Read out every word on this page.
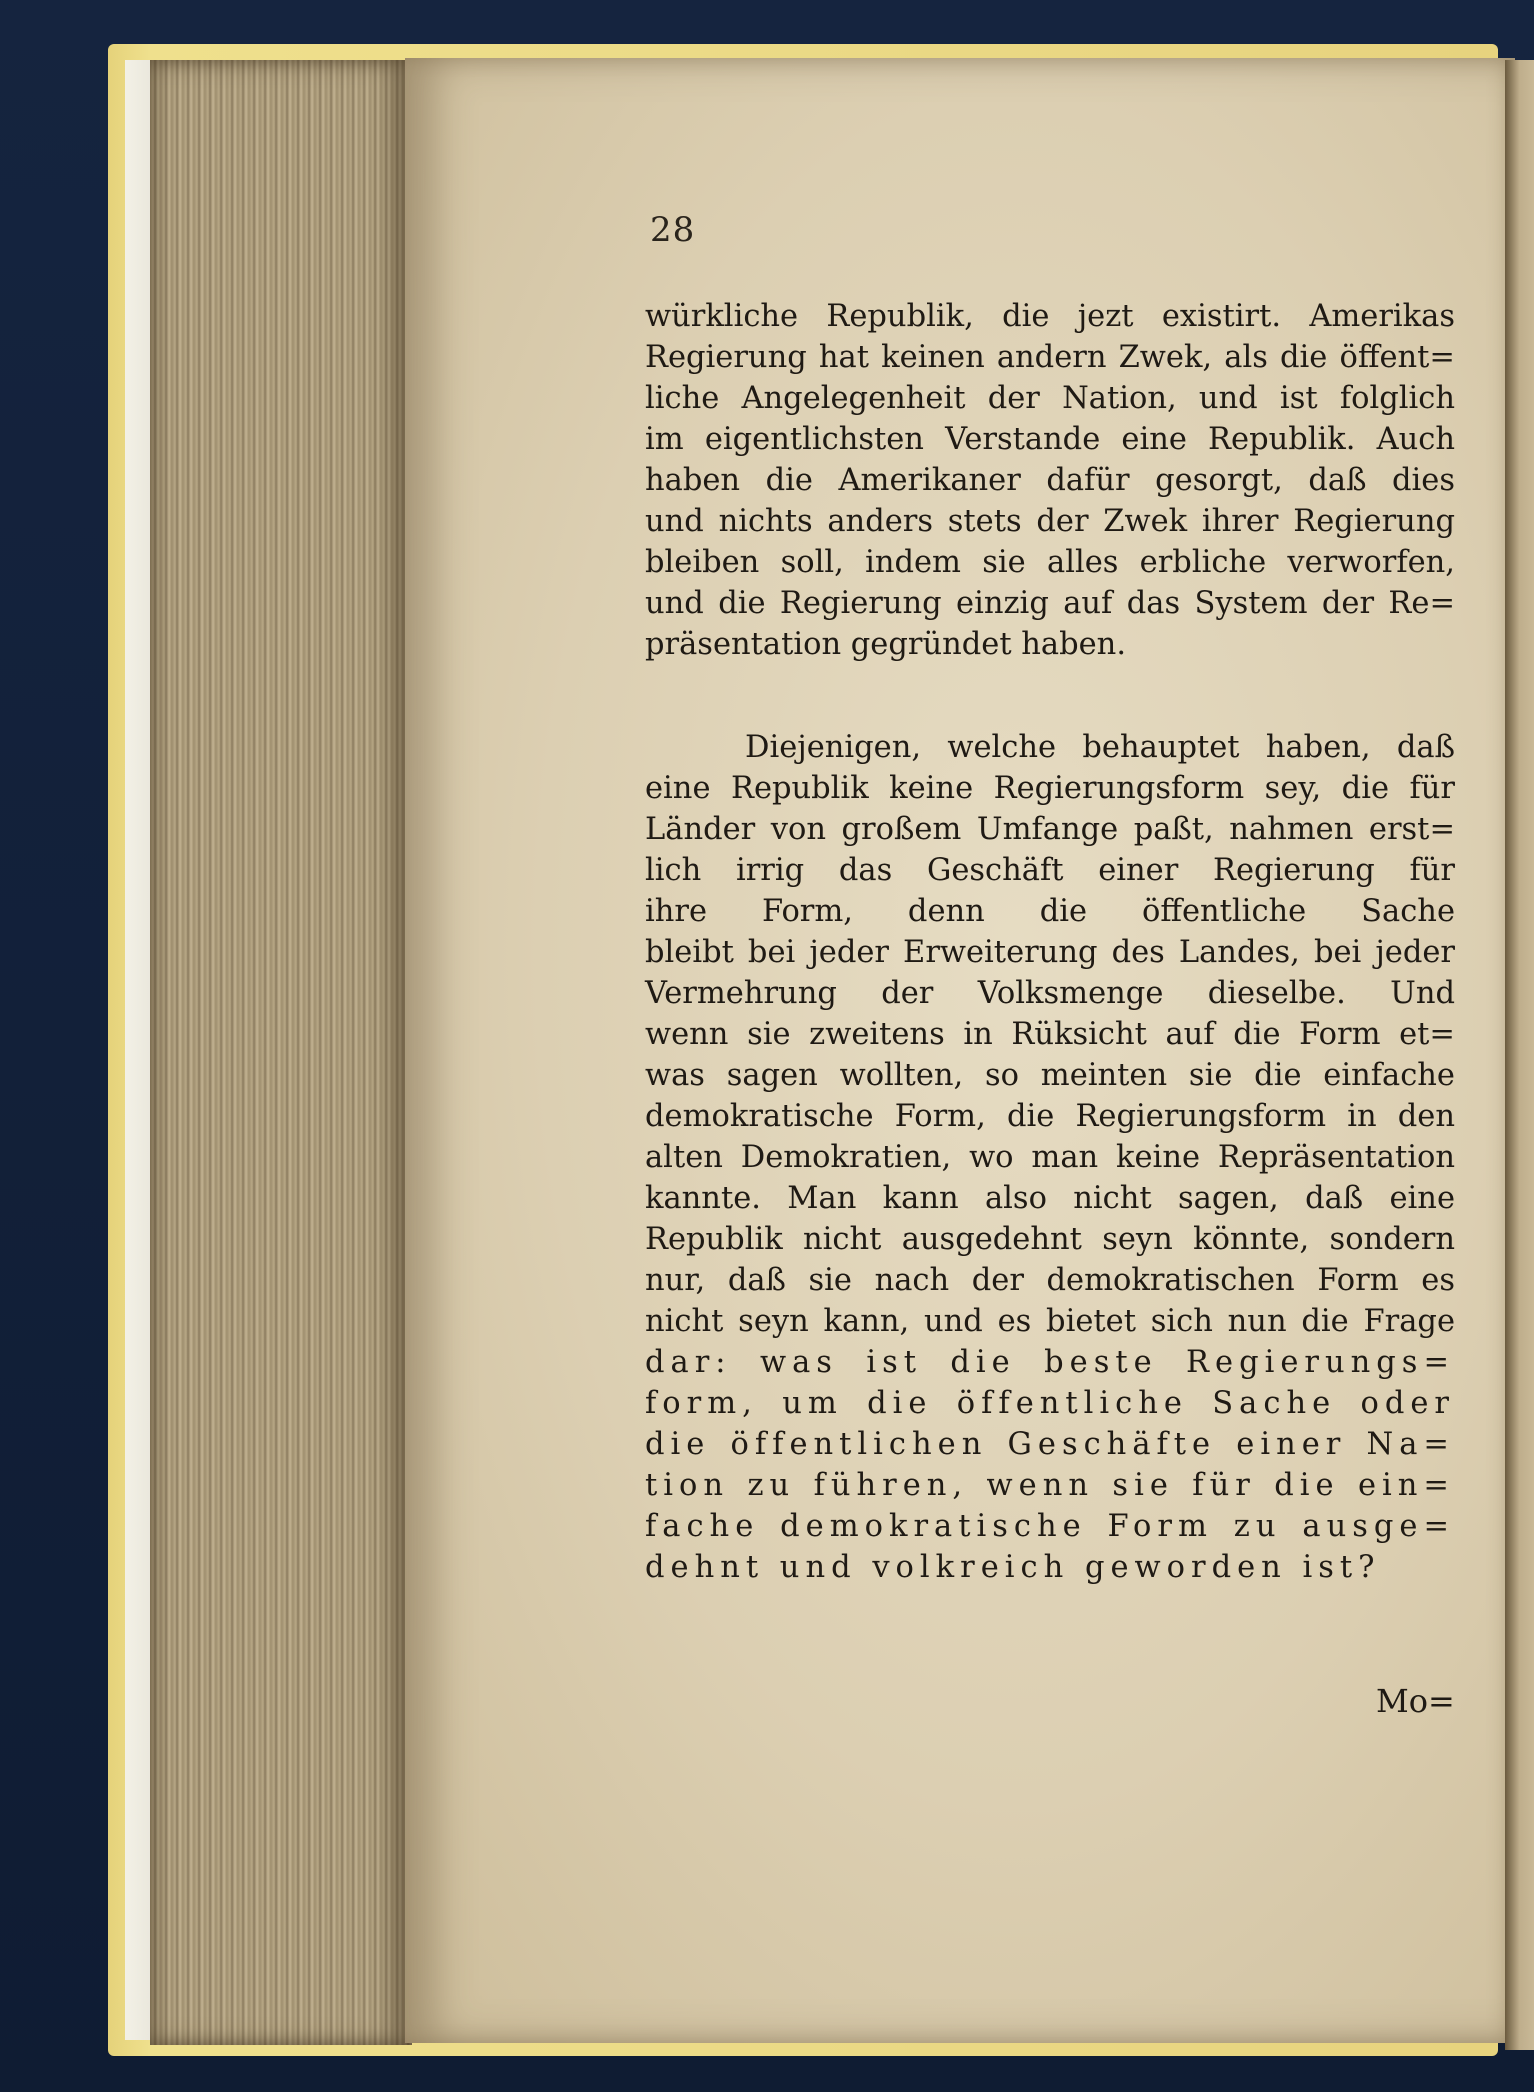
28
würkliche Republik, die jezt existirt. Amerikas
Regierung hat keinen andern Zwek, als die öffent=
liche Angelegenheit der Nation, und ist folglich
im eigentlichsten Verstande eine Republik. Auch
haben die Amerikaner dafür gesorgt, daß dies
und nichts anders stets der Zwek ihrer Regierung
bleiben soll, indem sie alles erbliche verworfen,
und die Regierung einzig auf das System der Re=
präsentation gegründet haben.
Diejenigen, welche behauptet haben, daß
eine Republik keine Regierungsform sey, die für
Länder von großem Umfange paßt, nahmen erst=
lich irrig das Geschäft einer Regierung für
ihre Form, denn die öffentliche Sache
bleibt bei jeder Erweiterung des Landes, bei jeder
Vermehrung der Volksmenge dieselbe. Und
wenn sie zweitens in Rüksicht auf die Form et=
was sagen wollten, so meinten sie die einfache
demokratische Form, die Regierungsform in den
alten Demokratien, wo man keine Repräsentation
kannte. Man kann also nicht sagen, daß eine
Republik nicht ausgedehnt seyn könnte, sondern
nur, daß sie nach der demokratischen Form es
nicht seyn kann, und es bietet sich nun die Frage
dar: was ist die beste Regierungs=
form, um die öffentliche Sache oder
die öffentlichen Geschäfte einer Na=
tion zu führen, wenn sie für die ein=
fache demokratische Form zu ausge=
dehnt und volkreich geworden ist?
Mo=
